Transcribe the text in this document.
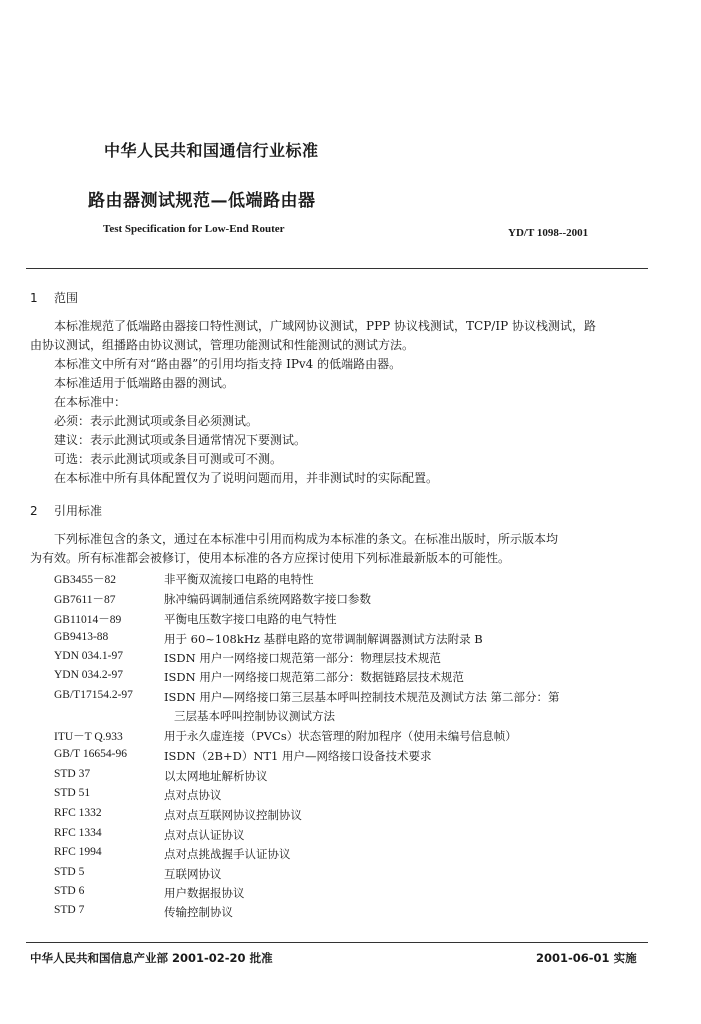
中华人民共和国通信行业标准
路由器测试规范—低端路由器
Test Specification for Low-End Router	YD/T 1098--2001
1 范围
本标准规范了低端路由器接口特性测试，广域网协议测试，PPP 协议栈测试，TCP/IP 协议栈测试，路
由协议测试，组播路由协议测试，管理功能测试和性能测试的测试方法。
本标准文中所有对“路由器”的引用均指支持 IPv4 的低端路由器。
本标准适用于低端路由器的测试。
在本标准中：
必须：表示此测试项或条目必须测试。
建议：表示此测试项或条目通常情况下要测试。
可选：表示此测试项或条目可测或可不测。
在本标准中所有具体配置仅为了说明问题而用，并非测试时的实际配置。
2 引用标准
下列标准包含的条文，通过在本标准中引用而构成为本标准的条文。在标准出版时，所示版本均
为有效。所有标准都会被修订，使用本标准的各方应探讨使用下列标准最新版本的可能性。
GB3455－82	非平衡双流接口电路的电特性
GB7611－87	脉冲编码调制通信系统网路数字接口参数
GB11014－89	平衡电压数字接口电路的电气特性
GB9413-88	用于 60~108kHz 基群电路的宽带调制解调器测试方法附录 B
YDN 034.1-97	ISDN 用户一网络接口规范第一部分：物理层技术规范
YDN 034.2-97	ISDN 用户一网络接口规范第二部分：数据链路层技术规范
GB/T17154.2-97	ISDN 用户—网络接口第三层基本呼叫控制技术规范及测试方法 第二部分：第
三层基本呼叫控制协议测试方法
ITU－T Q.933	用于永久虚连接（PVCs）状态管理的附加程序（使用未编号信息帧）
GB/T 16654-96	ISDN（2B+D）NT1 用户—网络接口设备技术要求
STD 37	以太网地址解析协议
STD 51	点对点协议
RFC 1332	点对点互联网协议控制协议
RFC 1334	点对点认证协议
RFC 1994	点对点挑战握手认证协议
STD 5	互联网协议
STD 6	用户数据报协议
STD 7	传输控制协议
中华人民共和国信息产业部 2001-02-20 批准	2001-06-01 实施
